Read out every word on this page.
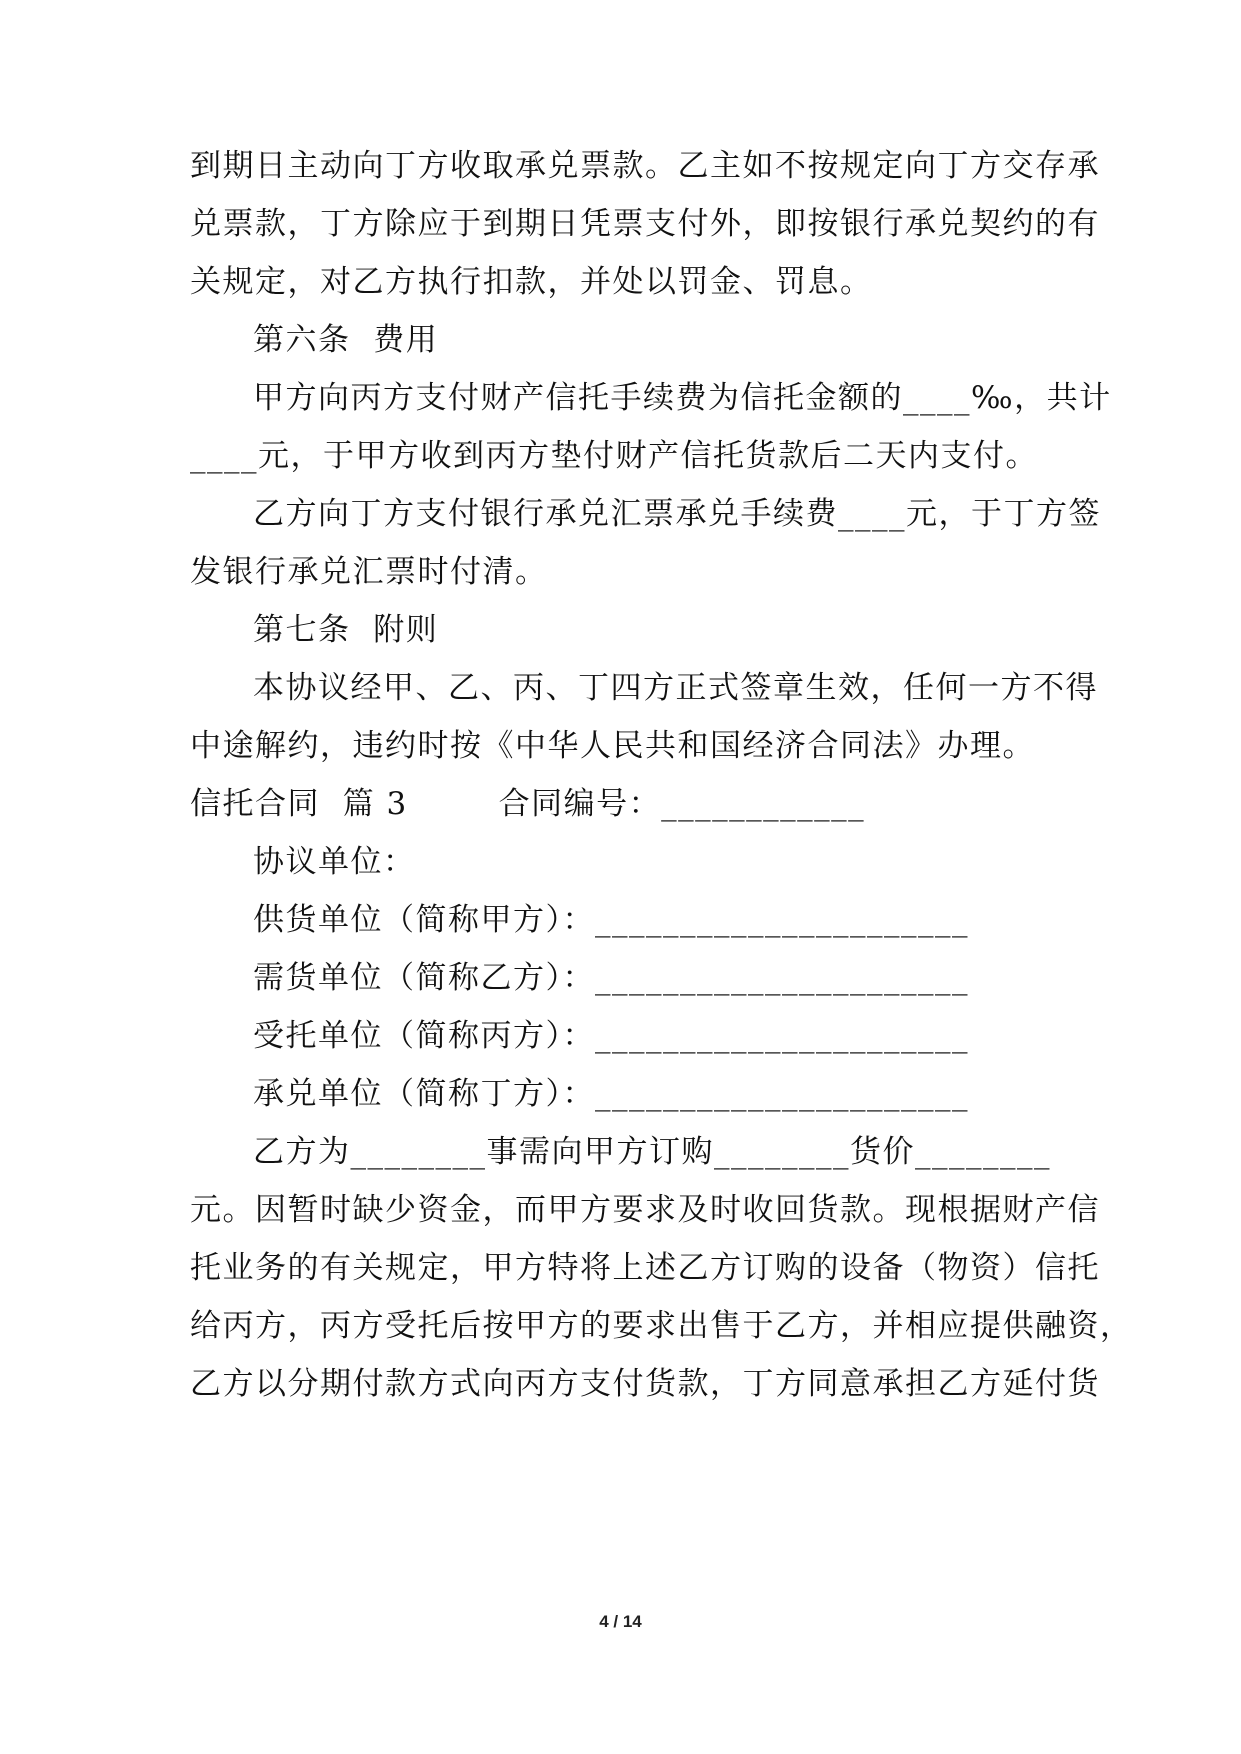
到期日主动向丁方收取承兑票款。乙主如不按规定向丁方交存承
兑票款，丁方除应于到期日凭票支付外，即按银行承兑契约的有
关规定，对乙方执行扣款，并处以罚金、罚息。
第六条  费用
甲方向丙方支付财产信托手续费为信托金额的____‰，共计
____元，于甲方收到丙方垫付财产信托货款后二天内支付。
乙方向丁方支付银行承兑汇票承兑手续费____元，于丁方签
发银行承兑汇票时付清。
第七条  附则
本协议经甲、乙、丙、丁四方正式签章生效，任何一方不得
中途解约，违约时按《中华人民共和国经济合同法》办理。
信托合同  篇 3        合同编号：____________
协议单位：
供货单位（简称甲方）：______________________
需货单位（简称乙方）：______________________
受托单位（简称丙方）：______________________
承兑单位（简称丁方）：______________________
乙方为________事需向甲方订购________货价________
元。因暂时缺少资金，而甲方要求及时收回货款。现根据财产信
托业务的有关规定，甲方特将上述乙方订购的设备（物资）信托
给丙方，丙方受托后按甲方的要求出售于乙方，并相应提供融资，
乙方以分期付款方式向丙方支付货款，丁方同意承担乙方延付货
4 / 14
